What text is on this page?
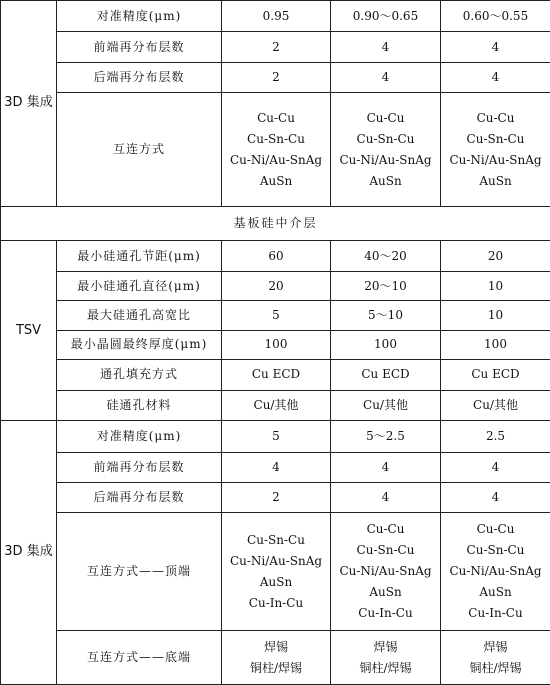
3D 集成	对准精度(μm)	0.95	0.90～0.65	0.60～0.55
	前端再分布层数	2	4	4
	后端再分布层数	2	4	4
	互连方式	Cu-Cu
Cu-Sn-Cu
Cu-Ni/Au-SnAg
AuSn	Cu-Cu
Cu-Sn-Cu
Cu-Ni/Au-SnAg
AuSn	Cu-Cu
Cu-Sn-Cu
Cu-Ni/Au-SnAg
AuSn

基板硅中介层				
TSV	最小硅通孔节距(μm)	60	40～20	20
	最小硅通孔直径(μm)	20	20～10	10
	最大硅通孔高宽比	5	5～10	10
	最小晶圆最终厚度(μm)	100	100	100
	通孔填充方式	Cu ECD	Cu ECD	Cu ECD
	硅通孔材料	Cu/其他	Cu/其他	Cu/其他
3D 集成	对准精度(μm)	5	5～2.5	2.5
	前端再分布层数	4	4	4
	后端再分布层数	2	4	4
	互连方式——顶端	Cu-Sn-Cu
Cu-Ni/Au-SnAg
AuSn
Cu-In-Cu	Cu-Cu
Cu-Sn-Cu
Cu-Ni/Au-SnAg
AuSn
Cu-In-Cu	Cu-Cu
Cu-Sn-Cu
Cu-Ni/Au-SnAg
AuSn
Cu-In-Cu

	互连方式——底端	焊锡
铜柱/焊锡	焊锡
铜柱/焊锡	焊锡
铜柱/焊锡
